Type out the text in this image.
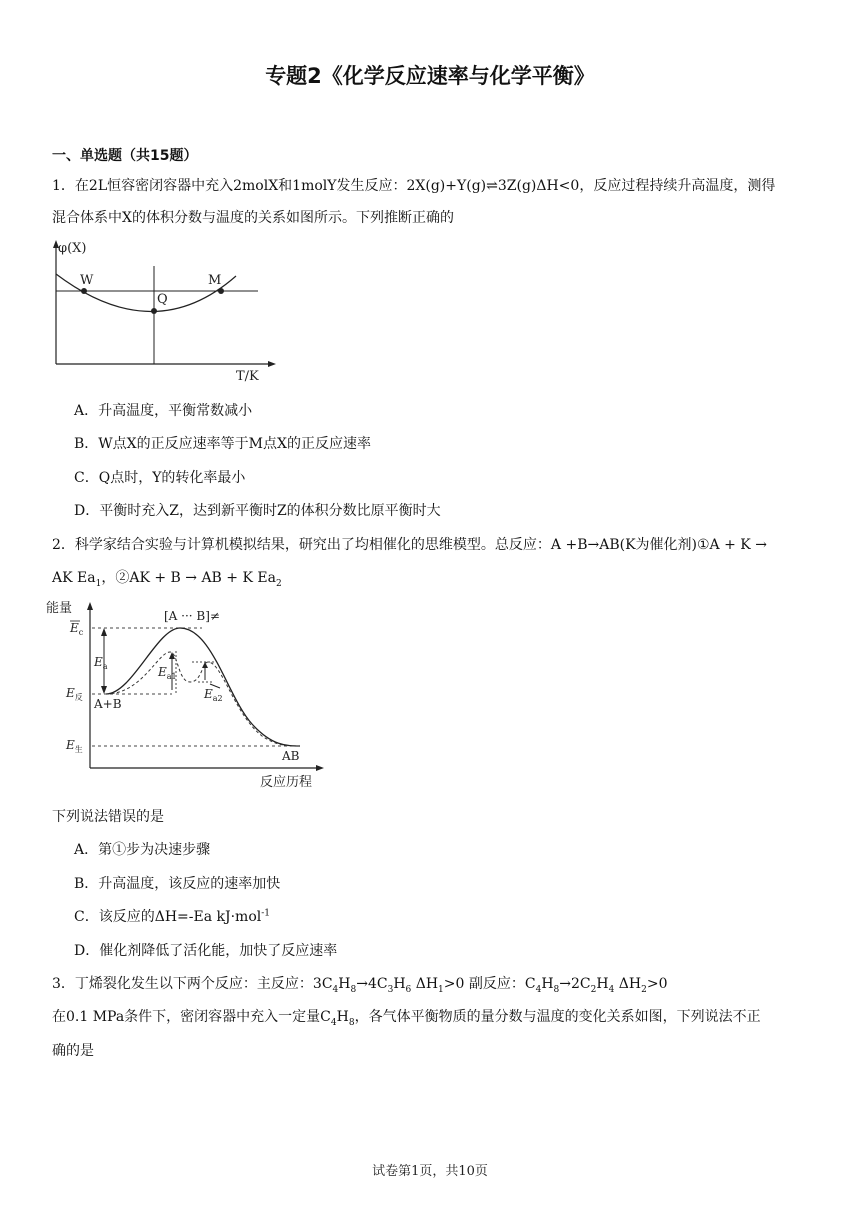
专题2《化学反应速率与化学平衡》
一、单选题（共15题）
1．在2L恒容密闭容器中充入2molX和1molY发生反应：2X(g)+Y(g)⇌3Z(g)ΔH<0，反应过程持续升高温度，测得
混合体系中X的体积分数与温度的关系如图所示。下列推断正确的
φ(X)
T/K
W
Q
M
A．升高温度，平衡常数减小
B．W点X的正反应速率等于M点X的正反应速率
C．Q点时，Y的转化率最小
D．平衡时充入Z，达到新平衡时Z的体积分数比原平衡时大
2．科学家结合实验与计算机模拟结果，研究出了均相催化的思维模型。总反应：A +B→AB(K为催化剂)①A + K →
AK $Ea_1$，②AK + B → AB + K $Ea_2$
能量
反应历程
[A ··· B]≠
$E_c$
$E_a$	$E_{a1}$
$E_{a2}$
$E_反$
$E_生$
A+B
AB
下列说法错误的是
A．第①步为决速步骤
B．升高温度，该反应的速率加快
C．该反应的ΔH=-Ea kJ·mol$^{-1}$
D．催化剂降低了活化能，加快了反应速率
3．丁烯裂化发生以下两个反应：主反应：$3C_4H_8\to 4C_3H_6$ $\Delta H_1>0$ 副反应：$C_4H_8\to 2C_2H_4$ $\Delta H_2>0$
在0.1 MPa条件下，密闭容器中充入一定量$C_4H_8$，各气体平衡物质的量分数与温度的变化关系如图，下列说法不正
确的是
试卷第1页，共10页
